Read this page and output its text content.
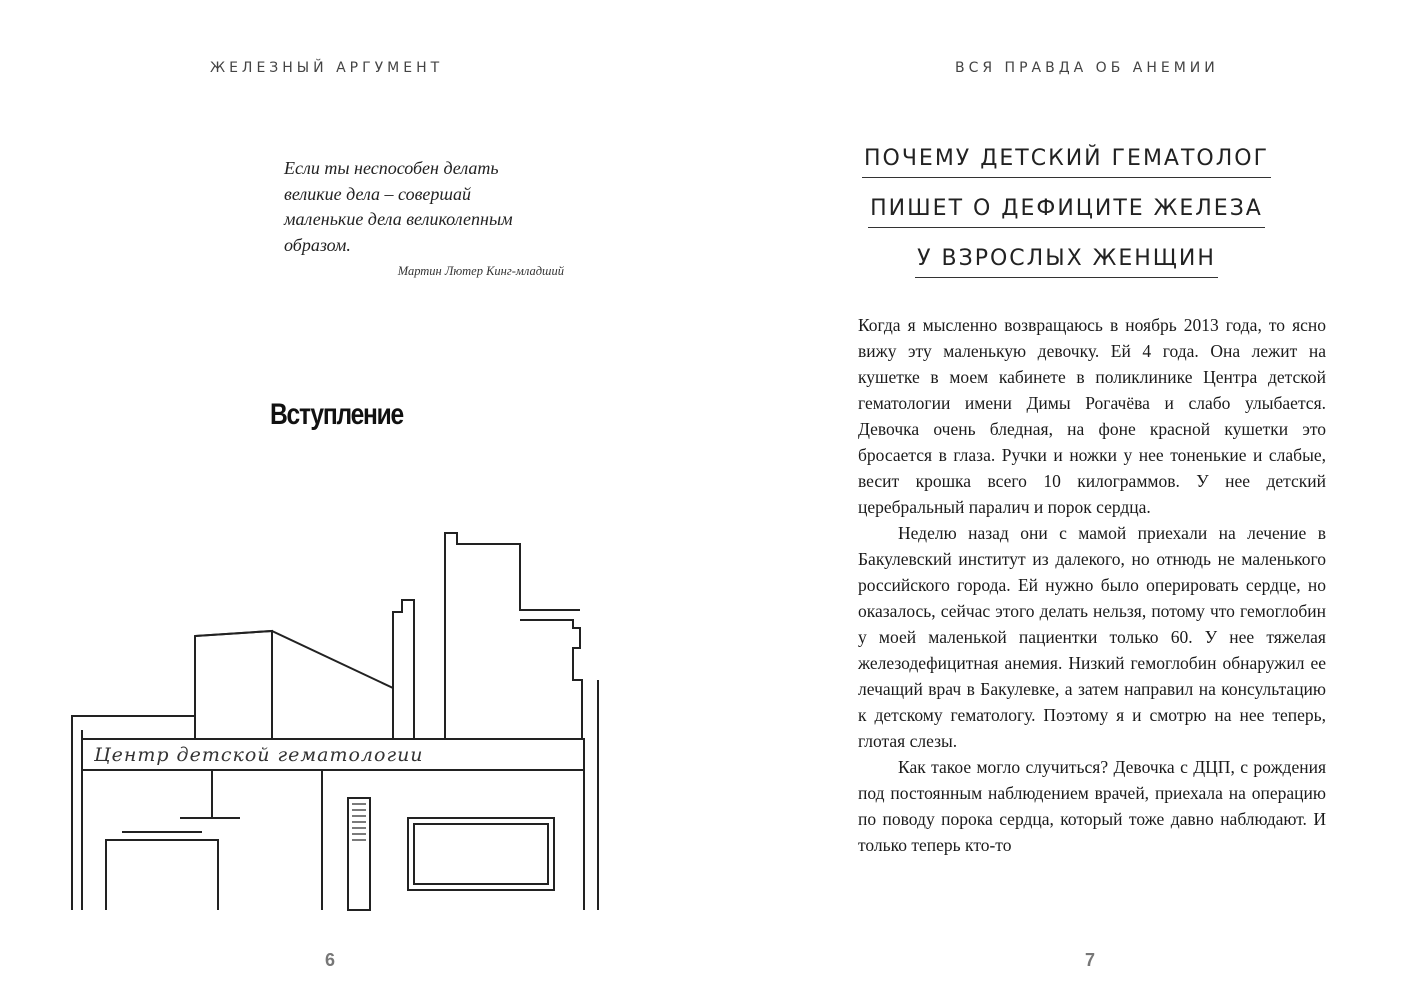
ЖЕЛЕЗНЫЙ АРГУМЕНТ

Если ты неспособен делать
великие дела – совершай
маленькие дела великолепным
образом.

Мартин Лютер Кинг-младший
Вступление
Центр детской гематологии
6
ВСЯ ПРАВДА ОБ АНЕМИИ
ПОЧЕМУ ДЕТСКИЙ ГЕМАТОЛОГ
ПИШЕТ О ДЕФИЦИТЕ ЖЕЛЕЗА
У ВЗРОСЛЫХ ЖЕНЩИН

Когда я мысленно возвращаюсь в ноябрь 2013 года, то ясно вижу эту маленькую девочку. Ей 4 года. Она лежит на кушетке в моем кабинете в поликлинике Центра детской гематологии имени Димы Рогачёва и слабо улыбается. Девочка очень бледная, на фоне красной кушетки это бросается в глаза. Ручки и ножки у нее тоненькие и слабые, весит крошка всего 10 килограммов. У нее детский церебральный паралич и порок сердца.

Неделю назад они с мамой приехали на лечение в Бакулевский институт из далекого, но отнюдь не маленького российского города. Ей нужно было оперировать сердце, но оказалось, сейчас этого делать нельзя, потому что гемоглобин у моей маленькой пациентки только 60. У нее тяжелая железодефицитная анемия. Низкий гемоглобин обнаружил ее лечащий врач в Бакулевке, а затем направил на консультацию к детскому гематологу. Поэтому я и смотрю на нее теперь, глотая слезы.

Как такое могло случиться? Девочка с ДЦП, с рождения под постоянным наблюдением врачей, приехала на операцию по поводу порока сердца, который тоже давно наблюдают. И только теперь кто-то

7
